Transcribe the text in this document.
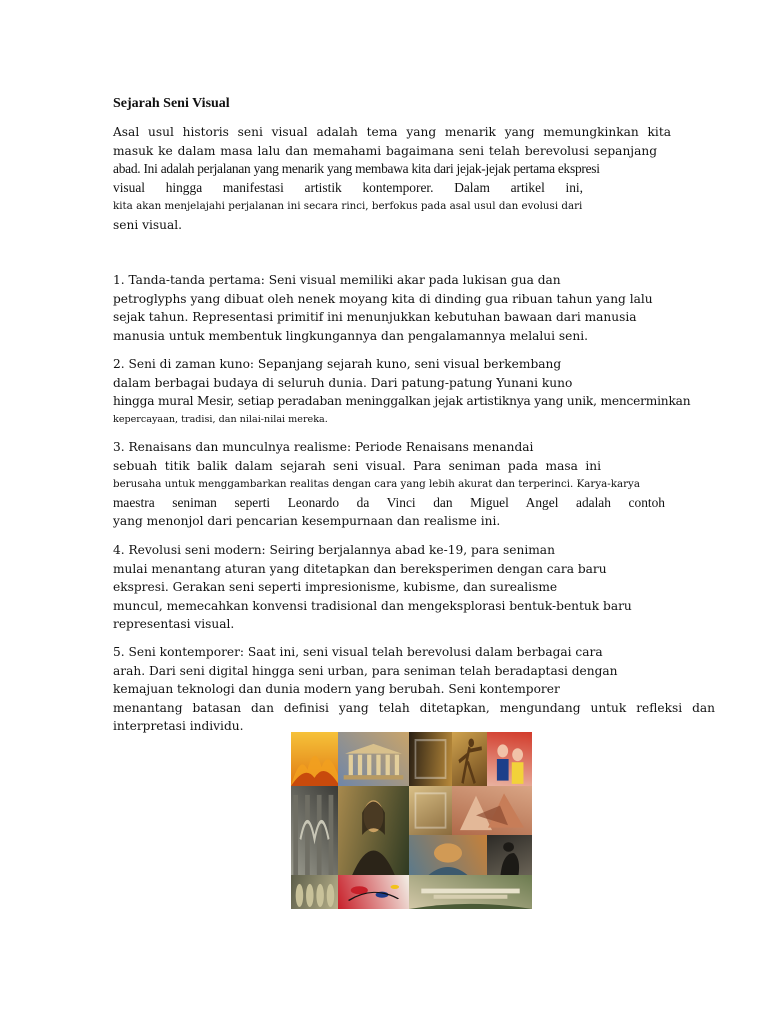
Sejarah Seni Visual
Asal usul historis seni visual adalah tema yang menarik yang memungkinkan kita
masuk ke dalam masa lalu dan memahami bagaimana seni telah berevolusi sepanjang
abad. Ini adalah perjalanan yang menarik yang membawa kita dari jejak-jejak pertama ekspresi
visual hingga manifestasi artistik kontemporer. Dalam artikel ini,
kita akan menjelajahi perjalanan ini secara rinci, berfokus pada asal usul dan evolusi dari
seni visual.
1. Tanda-tanda pertama: Seni visual memiliki akar pada lukisan gua dan
petroglyphs yang dibuat oleh nenek moyang kita di dinding gua ribuan tahun yang lalu
sejak tahun. Representasi primitif ini menunjukkan kebutuhan bawaan dari manusia
manusia untuk membentuk lingkungannya dan pengalamannya melalui seni.
2. Seni di zaman kuno: Sepanjang sejarah kuno, seni visual berkembang
dalam berbagai budaya di seluruh dunia. Dari patung-patung Yunani kuno
hingga mural Mesir, setiap peradaban meninggalkan jejak artistiknya yang unik, mencerminkan
kepercayaan, tradisi, dan nilai-nilai mereka.
3. Renaisans dan munculnya realisme: Periode Renaisans menandai
sebuah titik balik dalam sejarah seni visual. Para seniman pada masa ini
berusaha untuk menggambarkan realitas dengan cara yang lebih akurat dan terperinci. Karya-karya
maestra seniman seperti Leonardo da Vinci dan Miguel Angel adalah contoh
yang menonjol dari pencarian kesempurnaan dan realisme ini.
4. Revolusi seni modern: Seiring berjalannya abad ke-19, para seniman
mulai menantang aturan yang ditetapkan dan bereksperimen dengan cara baru
ekspresi. Gerakan seni seperti impresionisme, kubisme, dan surealisme
muncul, memecahkan konvensi tradisional dan mengeksplorasi bentuk-bentuk baru
representasi visual.
5. Seni kontemporer: Saat ini, seni visual telah berevolusi dalam berbagai cara
arah. Dari seni digital hingga seni urban, para seniman telah beradaptasi dengan
kemajuan teknologi dan dunia modern yang berubah. Seni kontemporer
menantang batasan dan definisi yang telah ditetapkan, mengundang untuk refleksi dan
interpretasi individu.
